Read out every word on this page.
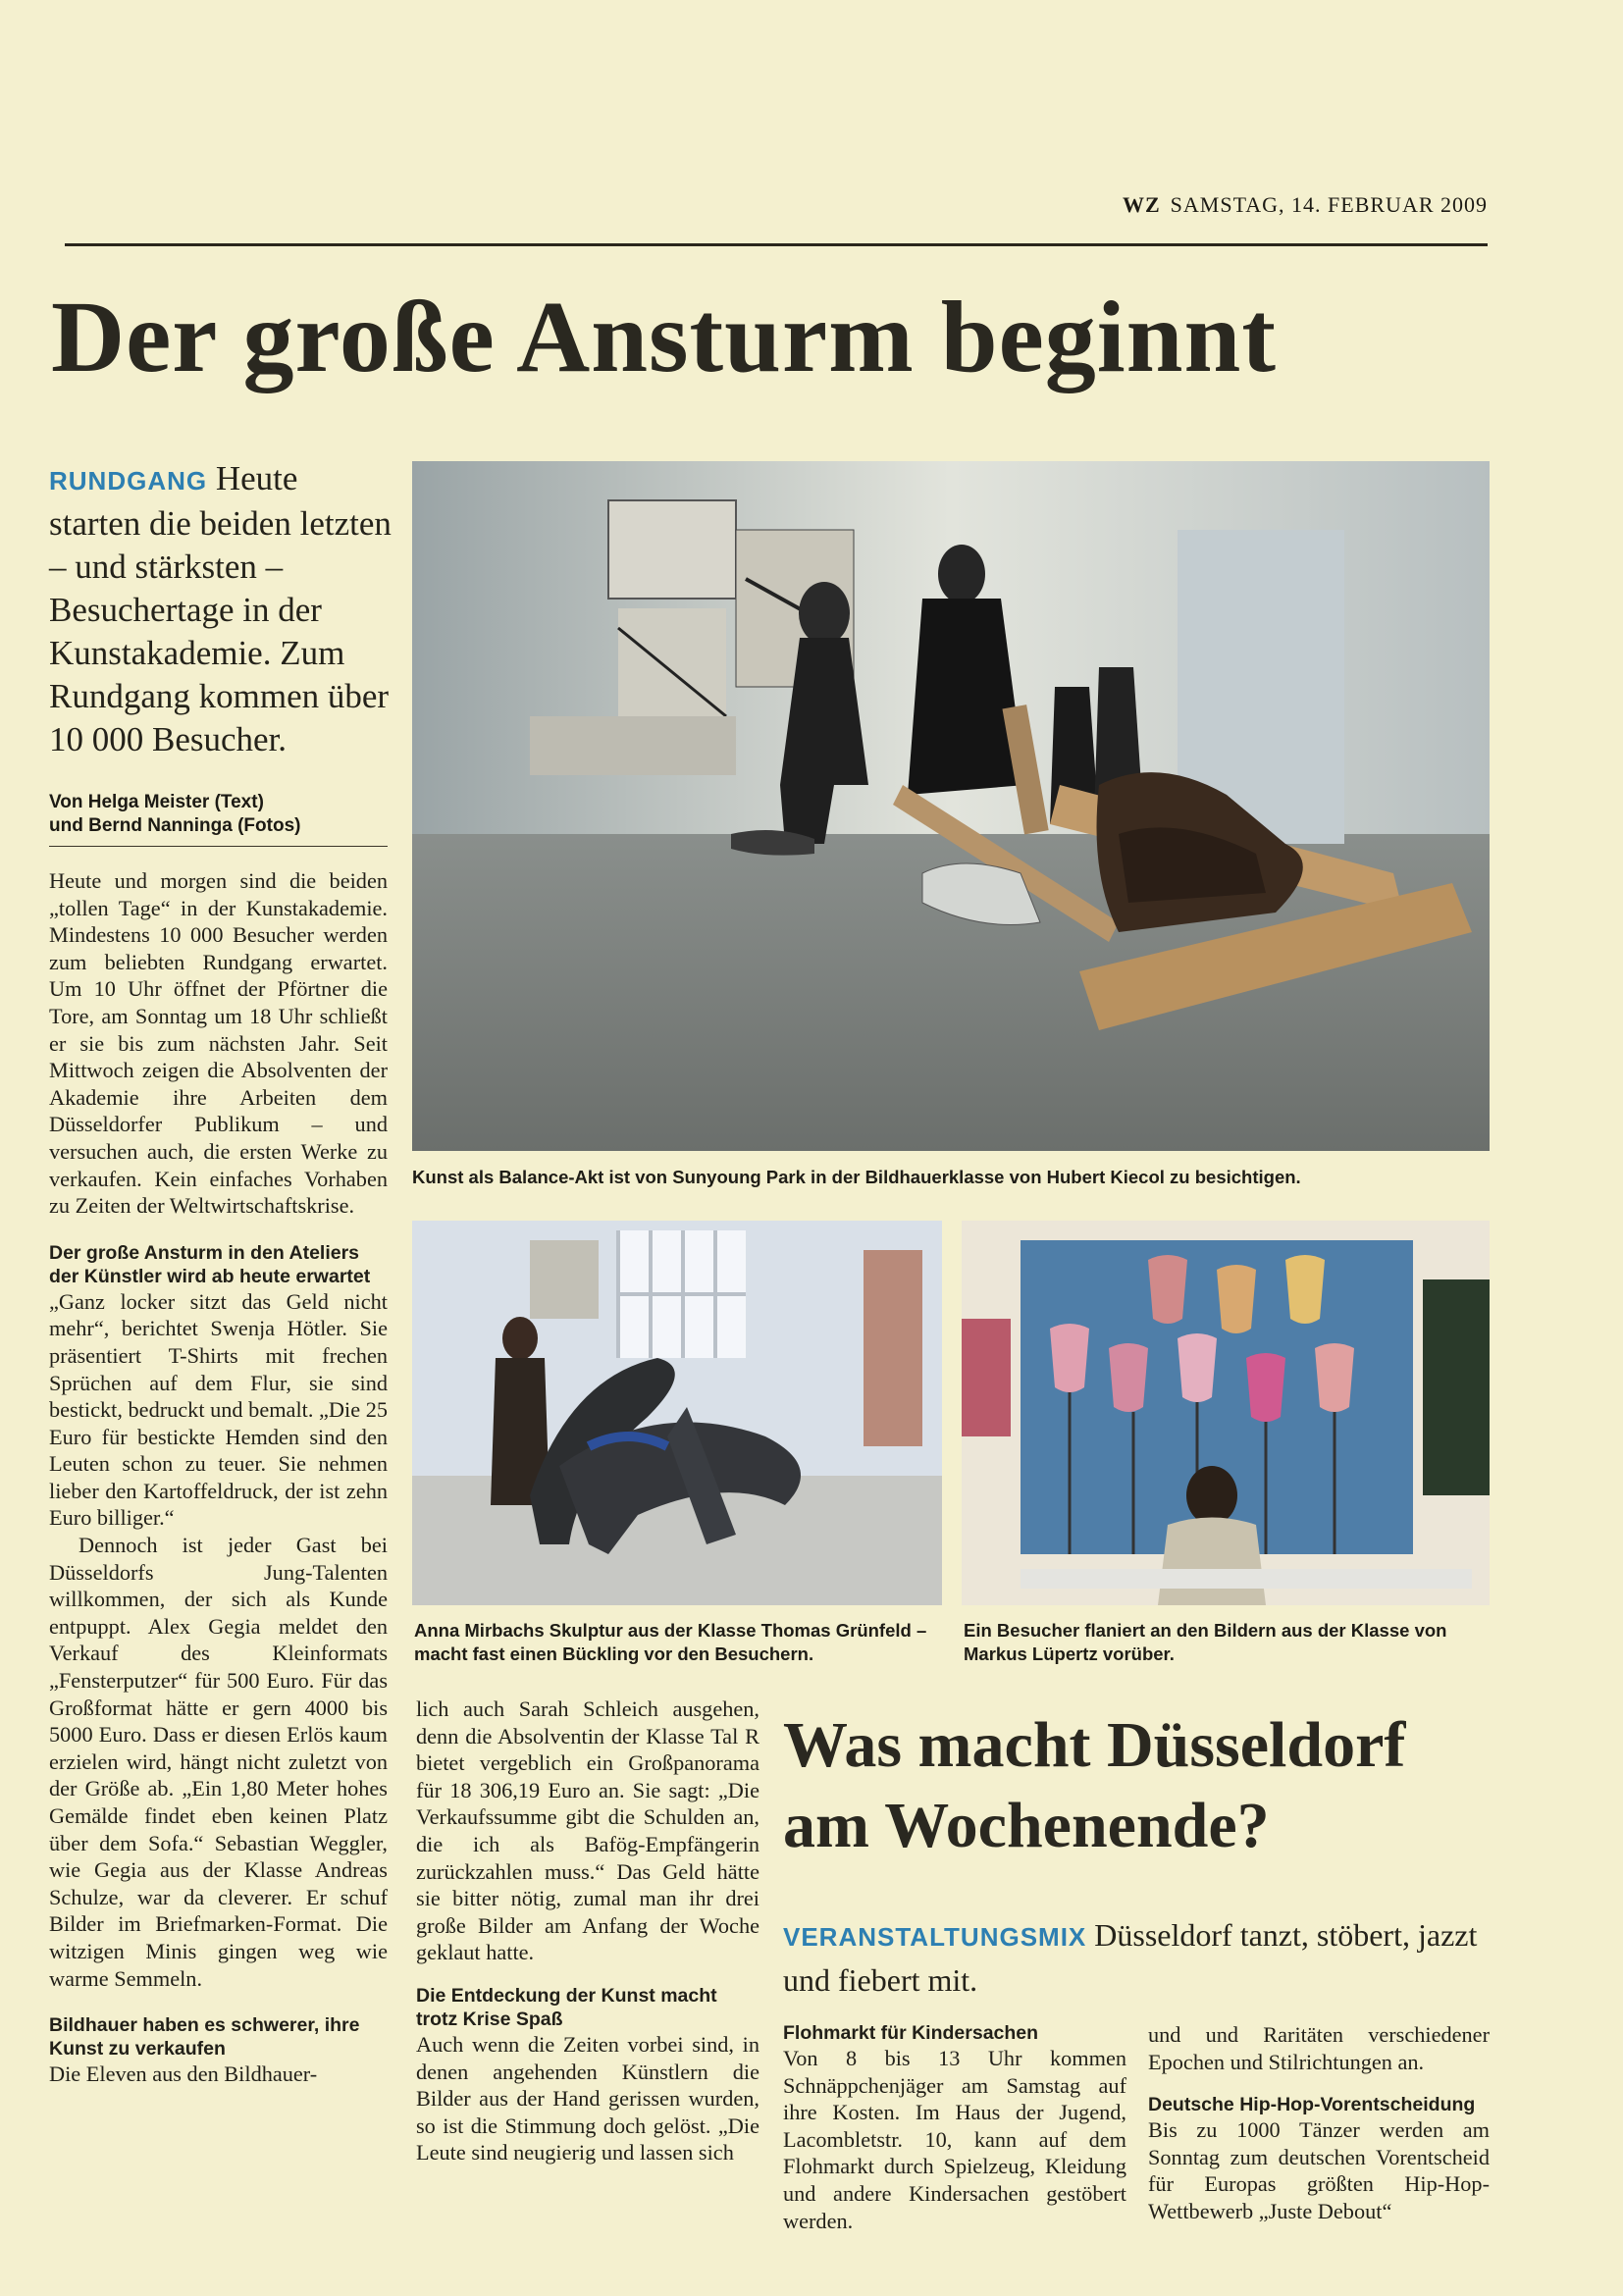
WZ SAMSTAG, 14. FEBRUAR 2009
Der große Ansturm beginnt
RUNDGANG Heute starten die beiden letzten – und stärksten – Besuchertage in der Kunstakademie. Zum Rundgang kommen über 10 000 Besucher.
Von Helga Meister (Text)
und Bernd Nanninga (Fotos)

Heute und morgen sind die beiden „tollen Tage“ in der Kunstakademie. Mindestens 10 000 Besucher werden zum beliebten Rundgang erwartet. Um 10 Uhr öffnet der Pförtner die Tore, am Sonntag um 18 Uhr schließt er sie bis zum nächsten Jahr. Seit Mittwoch zeigen die Absolventen der Akademie ihre Arbeiten dem Düsseldorfer Publikum – und versuchen auch, die ersten Werke zu verkaufen. Kein einfaches Vorhaben zu Zeiten der Weltwirtschaftskrise.

Der große Ansturm in den Ateliers der Künstler wird ab heute erwartet

„Ganz locker sitzt das Geld nicht mehr“, berichtet Swenja Hötler. Sie präsentiert T-Shirts mit frechen Sprüchen auf dem Flur, sie sind bestickt, bedruckt und bemalt. „Die 25 Euro für bestickte Hemden sind den Leuten schon zu teuer. Sie nehmen lieber den Kartoffeldruck, der ist zehn Euro billiger.“

Dennoch ist jeder Gast bei Düsseldorfs Jung-Talenten willkommen, der sich als Kunde entpuppt. Alex Gegia meldet den Verkauf des Kleinformats „Fensterputzer“ für 500 Euro. Für das Großformat hätte er gern 4000 bis 5000 Euro. Dass er diesen Erlös kaum erzielen wird, hängt nicht zuletzt von der Größe ab. „Ein 1,80 Meter hohes Gemälde findet eben keinen Platz über dem Sofa.“ Sebastian Weggler, wie Gegia aus der Klasse Andreas Schulze, war da cleverer. Er schuf Bilder im Briefmarken-Format. Die witzigen Minis gingen weg wie warme Semmeln.

Bildhauer haben es schwerer, ihre Kunst zu verkaufen

Die Eleven aus den Bildhauer-

Kunst als Balance-Akt ist von Sunyoung Park in der Bildhauerklasse von Hubert Kiecol zu besichtigen.
Anna Mirbachs Skulptur aus der Klasse Thomas Grünfeld – macht fast einen Bückling vor den Besuchern.
Ein Besucher flaniert an den Bildern aus der Klasse von Markus Lüpertz vorüber.

lich auch Sarah Schleich ausgehen, denn die Absolventin der Klasse Tal R bietet vergeblich ein Großpanorama für 18 306,19 Euro an. Sie sagt: „Die Verkaufssumme gibt die Schulden an, die ich als Bafög-Empfängerin zurückzahlen muss.“ Das Geld hätte sie bitter nötig, zumal man ihr drei große Bilder am Anfang der Woche geklaut hatte.

Die Entdeckung der Kunst macht trotz Krise Spaß

Auch wenn die Zeiten vorbei sind, in denen angehenden Künstlern die Bilder aus der Hand gerissen wurden, so ist die Stimmung doch gelöst. „Die Leute sind neugierig und lassen sich

Was macht Düsseldorf am Wochenende?
VERANSTALTUNGSMIX Düsseldorf tanzt, stöbert, jazzt und fiebert mit.

Flohmarkt für Kindersachen

Von 8 bis 13 Uhr kommen Schnäppchenjäger am Samstag auf ihre Kosten. Im Haus der Jugend, Lacombletstr. 10, kann auf dem Flohmarkt durch Spielzeug, Kleidung und andere Kindersachen gestöbert werden.

und und Raritäten verschiedener Epochen und Stilrichtungen an.

Deutsche Hip-Hop-Vorentscheidung

Bis zu 1000 Tänzer werden am Sonntag zum deutschen Vorentscheid für Europas größten Hip-Hop-Wettbewerb „Juste Debout“
